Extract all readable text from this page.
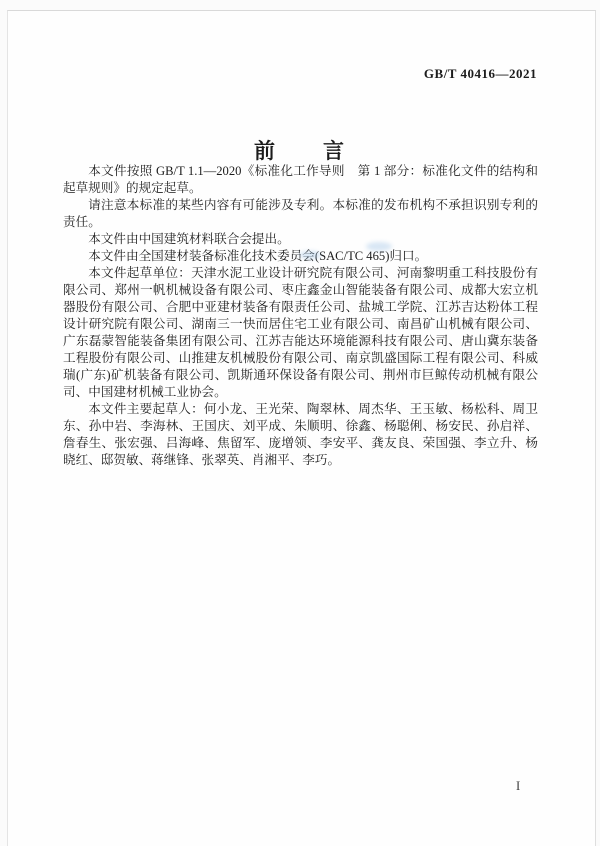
GB/T 40416—2021
前　　言

本文件按照 GB/T 1.1—2020《标准化工作导则　第 1 部分：标准化文件的结构和起草规则》的规定起草。

请注意本标准的某些内容有可能涉及专利。本标准的发布机构不承担识别专利的责任。

本文件由中国建筑材料联合会提出。

本文件由全国建材装备标准化技术委员会(SAC/TC 465)归口。

本文件起草单位：天津水泥工业设计研究院有限公司、河南黎明重工科技股份有限公司、郑州一帆机械设备有限公司、枣庄鑫金山智能装备有限公司、成都大宏立机器股份有限公司、合肥中亚建材装备有限责任公司、盐城工学院、江苏吉达粉体工程设计研究院有限公司、湖南三一快而居住宅工业有限公司、南昌矿山机械有限公司、广东磊蒙智能装备集团有限公司、江苏吉能达环境能源科技有限公司、唐山冀东装备工程股份有限公司、山推建友机械股份有限公司、南京凯盛国际工程有限公司、科威瑞(广东)矿机装备有限公司、凯斯通环保设备有限公司、荆州市巨鲸传动机械有限公司、中国建材机械工业协会。

本文件主要起草人：何小龙、王光荣、陶翠林、周杰华、王玉敏、杨松科、周卫东、孙中岩、李海林、王国庆、刘平成、朱顺明、徐鑫、杨聪俐、杨安民、孙启祥、詹春生、张宏强、吕海峰、焦留军、庞增领、李安平、龚友良、荣国强、李立升、杨晓红、邸贺敏、蒋继锋、张翠英、肖湘平、李巧。

I
